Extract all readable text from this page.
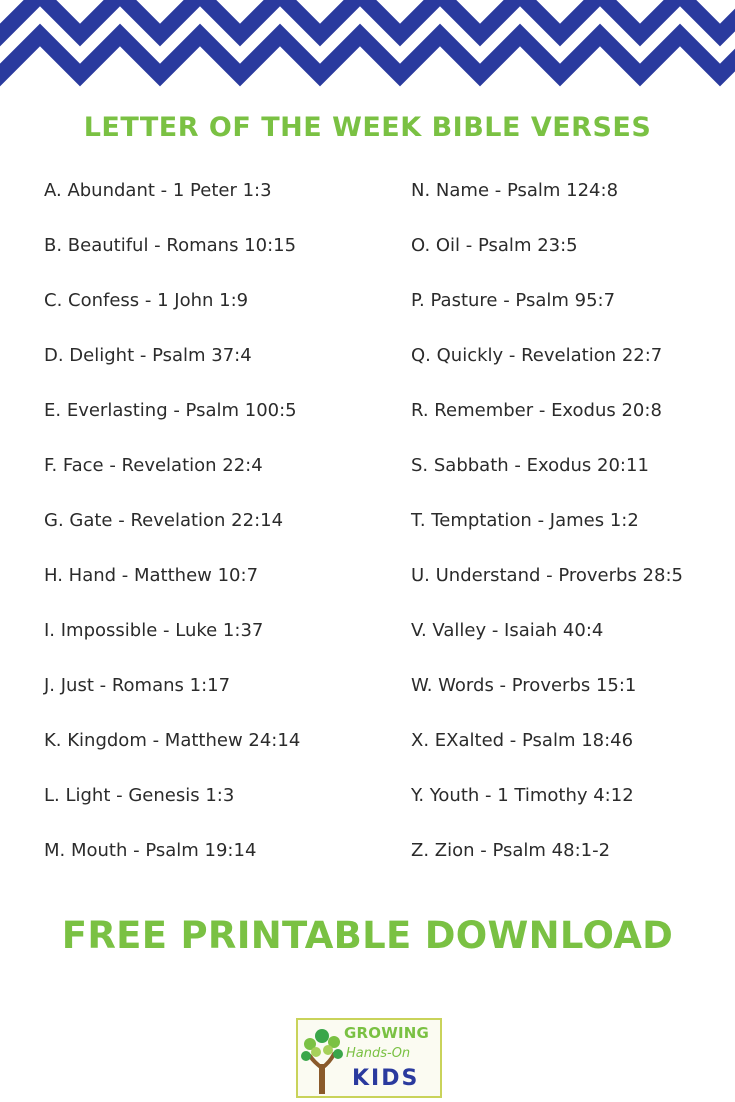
LETTER OF THE WEEK BIBLE VERSES
A. Abundant - 1 Peter 1:3
B. Beautiful - Romans 10:15
C. Confess - 1 John 1:9
D. Delight - Psalm 37:4
E. Everlasting - Psalm 100:5
F. Face - Revelation 22:4
G. Gate - Revelation 22:14
H. Hand - Matthew 10:7
I. Impossible - Luke 1:37
J. Just - Romans 1:17
K. Kingdom - Matthew 24:14
L. Light - Genesis 1:3
M. Mouth - Psalm 19:14
N. Name - Psalm 124:8
O. Oil - Psalm 23:5
P. Pasture - Psalm 95:7
Q. Quickly - Revelation 22:7
R. Remember - Exodus 20:8
S. Sabbath - Exodus 20:11
T. Temptation - James 1:2
U. Understand - Proverbs 28:5
V. Valley - Isaiah 40:4
W. Words - Proverbs 15:1
X. EXalted - Psalm 18:46
Y. Youth - 1 Timothy 4:12
Z. Zion - Psalm 48:1-2
FREE PRINTABLE DOWNLOAD
GROWING
Hands-On
KIDS
